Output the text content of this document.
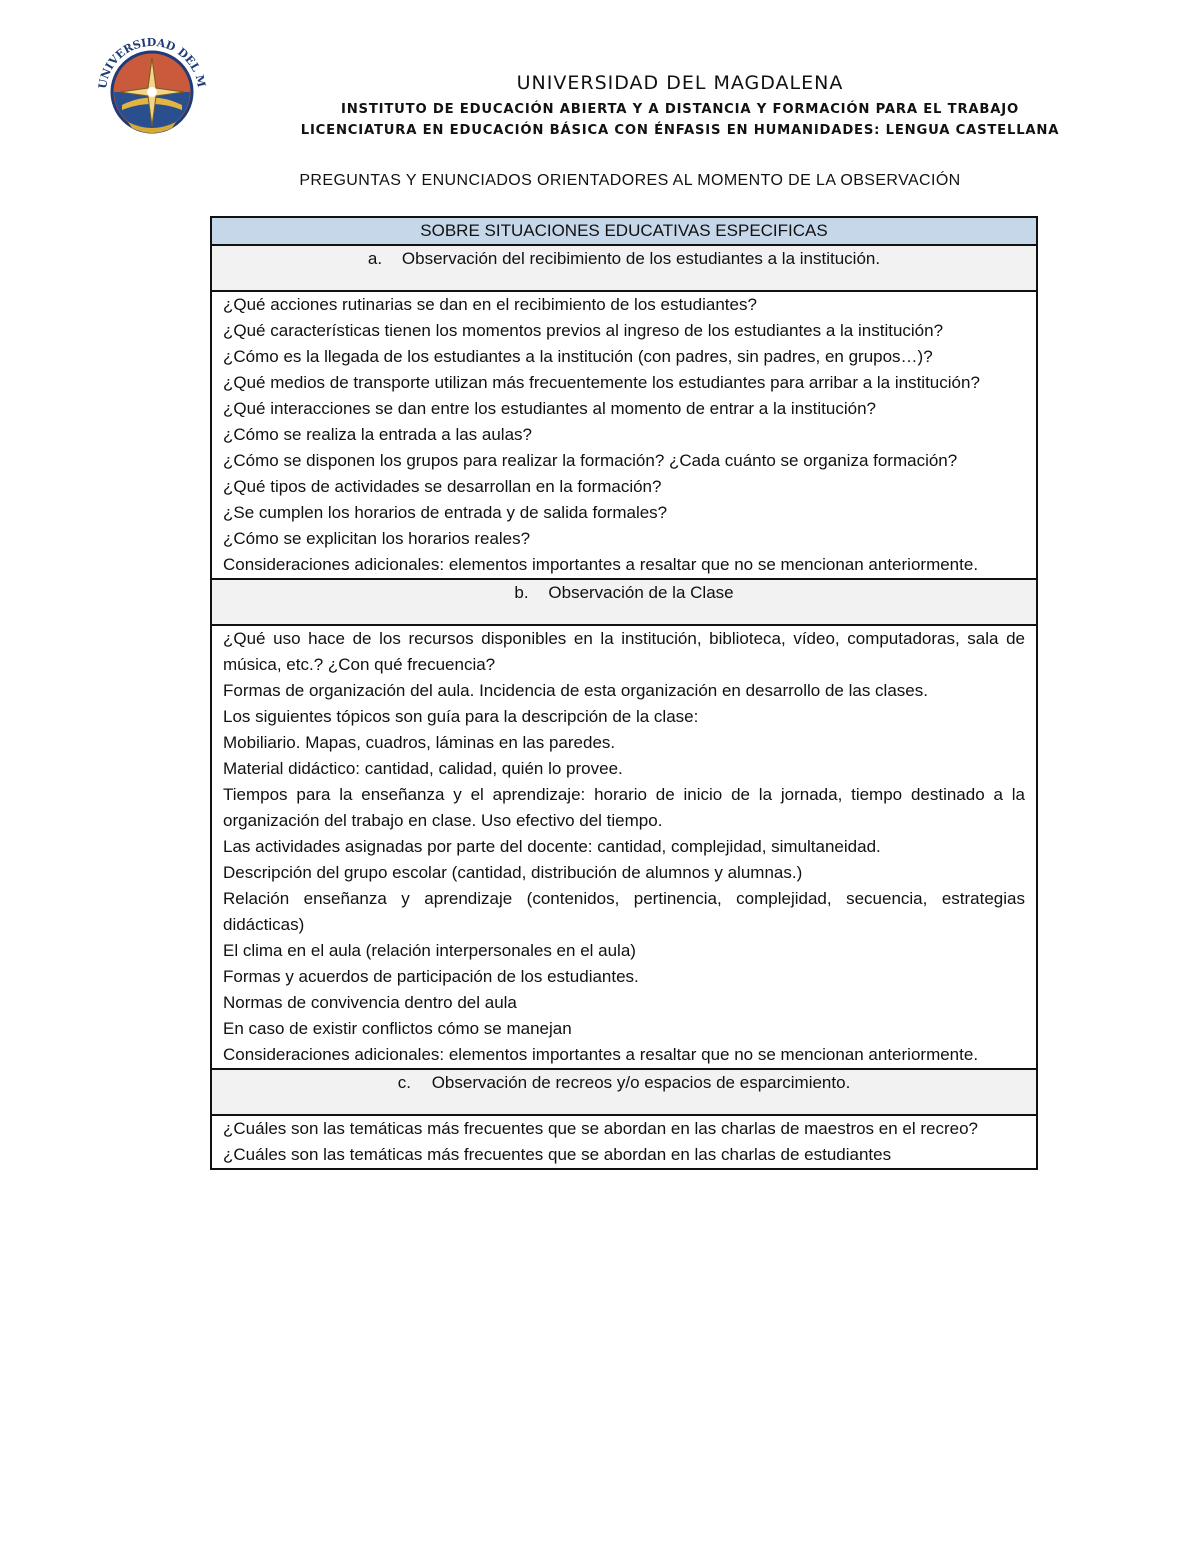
UNIVERSIDAD DEL M	UNIVERSIDAD DEL MAGDALENA
INSTITUTO DE EDUCACIÓN ABIERTA Y A DISTANCIA Y FORMACIÓN PARA EL TRABAJO
LICENCIATURA EN EDUCACIÓN BÁSICA CON ÉNFASIS EN HUMANIDADES: LENGUA CASTELLANA
PREGUNTAS Y ENUNCIADOS ORIENTADORES AL MOMENTO DE LA OBSERVACIÓN
SOBRE SITUACIONES EDUCATIVAS ESPECIFICAS
a. Observación del recibimiento de los estudiantes a la institución.

¿Qué acciones rutinarias se dan en el recibimiento de los estudiantes?

¿Qué características tienen los momentos previos al ingreso de los estudiantes a la institución?

¿Cómo es la llegada de los estudiantes a la institución (con padres, sin padres, en grupos…)?

¿Qué medios de transporte utilizan más frecuentemente los estudiantes para arribar a la institución?

¿Qué interacciones se dan entre los estudiantes al momento de entrar a la institución?

¿Cómo se realiza la entrada a las aulas?

¿Cómo se disponen los grupos para realizar la formación? ¿Cada cuánto se organiza formación?

¿Qué tipos de actividades se desarrollan en la formación?

¿Se cumplen los horarios de entrada y de salida formales?

¿Cómo se explicitan los horarios reales?

Consideraciones adicionales: elementos importantes a resaltar que no se mencionan anteriormente.

b. Observación de la Clase

¿Qué uso hace de los recursos disponibles en la institución, biblioteca, vídeo, computadoras, sala de música, etc.? ¿Con qué frecuencia?

Formas de organización del aula. Incidencia de esta organización en desarrollo de las clases.

Los siguientes tópicos son guía para la descripción de la clase:

Mobiliario. Mapas, cuadros, láminas en las paredes.

Material didáctico: cantidad, calidad, quién lo provee.

Tiempos para la enseñanza y el aprendizaje: horario de inicio de la jornada, tiempo destinado a la organización del trabajo en clase. Uso efectivo del tiempo.

Las actividades asignadas por parte del docente: cantidad, complejidad, simultaneidad.

Descripción del grupo escolar (cantidad, distribución de alumnos y alumnas.)

Relación enseñanza y aprendizaje (contenidos, pertinencia, complejidad, secuencia, estrategias didácticas)

El clima en el aula (relación interpersonales en el aula)

Formas y acuerdos de participación de los estudiantes.

Normas de convivencia dentro del aula

En caso de existir conflictos cómo se manejan

Consideraciones adicionales: elementos importantes a resaltar que no se mencionan anteriormente.

c. Observación de recreos y/o espacios de esparcimiento.

¿Cuáles son las temáticas más frecuentes que se abordan en las charlas de maestros en el recreo?

¿Cuáles son las temáticas más frecuentes que se abordan en las charlas de estudiantes
